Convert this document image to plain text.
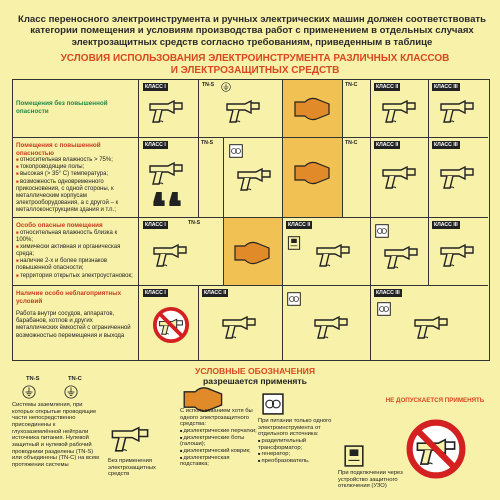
Класс переносного электроинструмента и ручных электрических машин должен соответствовать категории помещения и условиям производства работ с применением в отдельных случаях электрозащитных средств согласно требованиям, приведенным в таблице
УСЛОВИЯ ИСПОЛЬЗОВАНИЯ ЭЛЕКТРОИНСТРУМЕНТА РАЗЛИЧНЫХ КЛАССОВ И ЭЛЕКТРОЗАЩИТНЫХ СРЕДСТВ
Помещения без повышенной опасности
КЛАСС I	TN-S	TN-C	КЛАСС II	КЛАСС III
Помещения с повышенной опасностью
■ относительная влажность > 75%;
■ токопроводящие полы;
■ высокая (> 35° С) температура;
■ возможность одновременного прикосновения, с одной стороны, к металлическим корпусам электрооборудования, а с другой – к металлоконструкциям здания и т.п.;
КЛАСС I	TN-S	TN-C	КЛАСС II	КЛАСС III
Особо опасные помещения
■ относительная влажность близка к 100%;
■ химически активная и органическая среда;
■ наличие 2-х и более признаков повышенной опасности;
■ территория открытых электроустановок;
КЛАСС I	TN-S	КЛАСС II	КЛАСС III
Наличие особо неблагоприятных условий
Работа внутри сосудов, аппаратов, барабанов, котлов и других металлических ёмкостей с ограниченной возможностью перемещения и выхода
КЛАСС I	КЛАСС II	КЛАСС III
УСЛОВНЫЕ ОБОЗНАЧЕНИЯ
разрешается применять
TN-S	TN-C
Системы заземления, при которых открытые проводящие части непосредственно присоединены к глухозаземлённой нейтрали источника питания. Нулевой защитный и нулевой рабочий проводники разделены (TN-S) или объединены (TN-C) на всем протяжении системы
Без применения электрозащитных средств
С использованием хотя бы одного электрозащитного средства:
■ диэлектрические перчатки;
■ диэлектрические боты (галоши);
■ диэлектрический коврик;
■ диэлектрическая подставка;
При питании только одного электроинструмента от отдельного источника:
■ разделительный трансформатор;
■ генератор;
■ преобразователь.
При подключении через устройство защитного отключения (УЗО)
НЕ ДОПУСКАЕТСЯ ПРИМЕНЯТЬ
